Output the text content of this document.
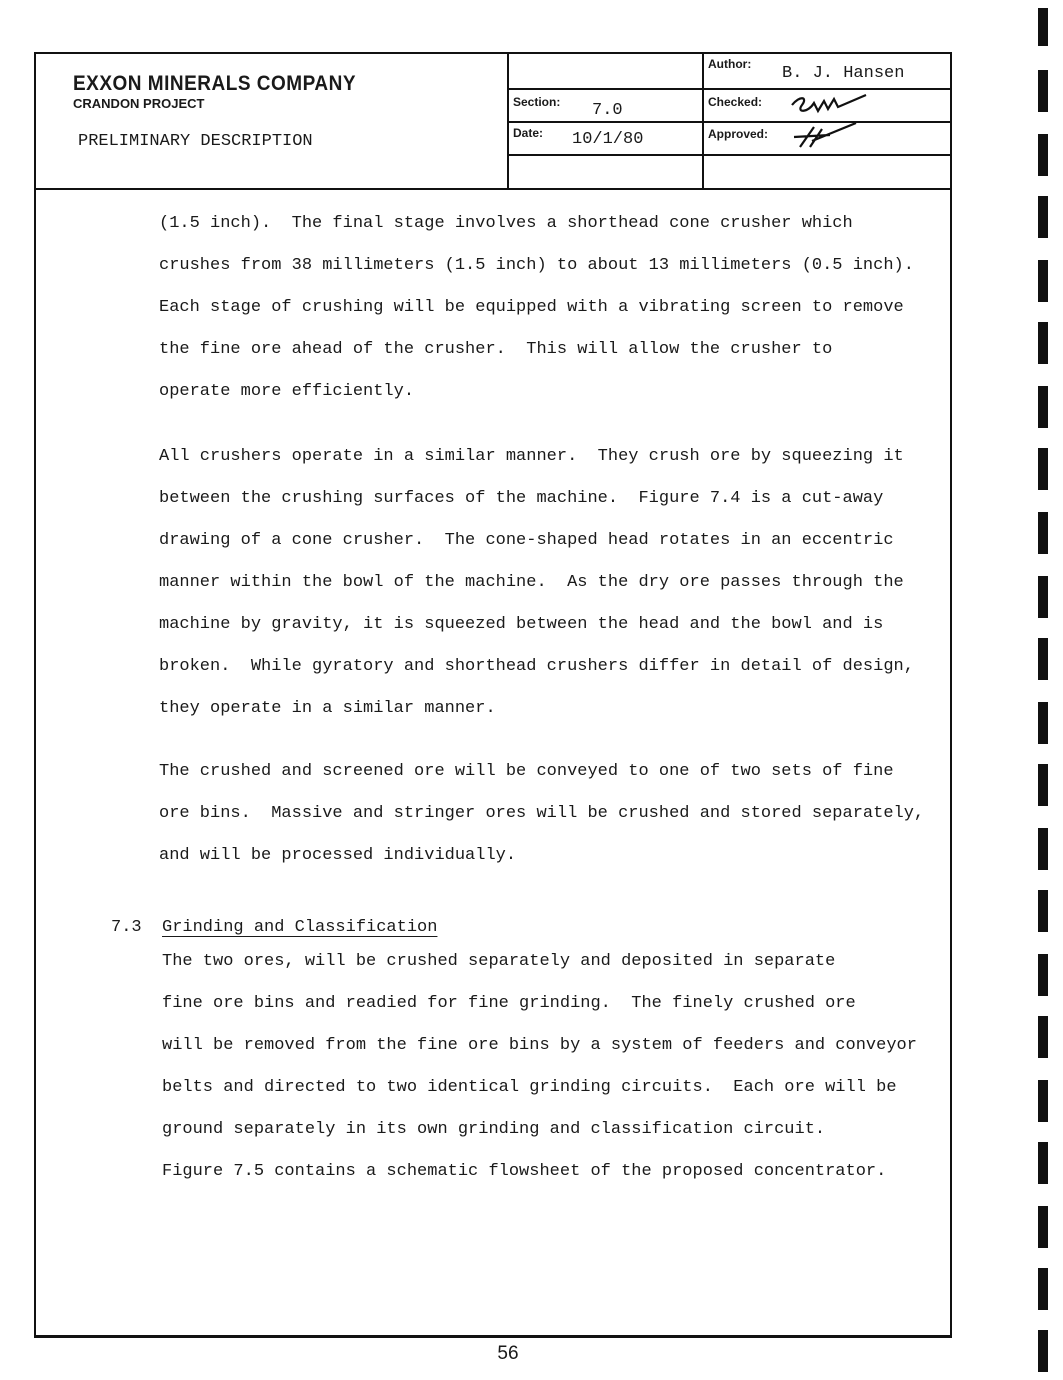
EXXON MINERALS COMPANY
CRANDON PROJECT
PRELIMINARY DESCRIPTION
Section: 7.0
Date: 10/1/80
Author: B. J. Hansen
Checked:
Approved:
(1.5 inch).  The final stage involves a shorthead cone crusher which
crushes from 38 millimeters (1.5 inch) to about 13 millimeters (0.5 inch).
Each stage of crushing will be equipped with a vibrating screen to remove
the fine ore ahead of the crusher.  This will allow the crusher to
operate more efficiently.
All crushers operate in a similar manner.  They crush ore by squeezing it
between the crushing surfaces of the machine.  Figure 7.4 is a cut-away
drawing of a cone crusher.  The cone-shaped head rotates in an eccentric
manner within the bowl of the machine.  As the dry ore passes through the
machine by gravity, it is squeezed between the head and the bowl and is
broken.  While gyratory and shorthead crushers differ in detail of design,
they operate in a similar manner.
The crushed and screened ore will be conveyed to one of two sets of fine
ore bins.  Massive and stringer ores will be crushed and stored separately,
and will be processed individually.
7.3 Grinding and Classification
The two ores, will be crushed separately and deposited in separate
fine ore bins and readied for fine grinding.  The finely crushed ore
will be removed from the fine ore bins by a system of feeders and conveyor
belts and directed to two identical grinding circuits.  Each ore will be
ground separately in its own grinding and classification circuit.
Figure 7.5 contains a schematic flowsheet of the proposed concentrator.
56
